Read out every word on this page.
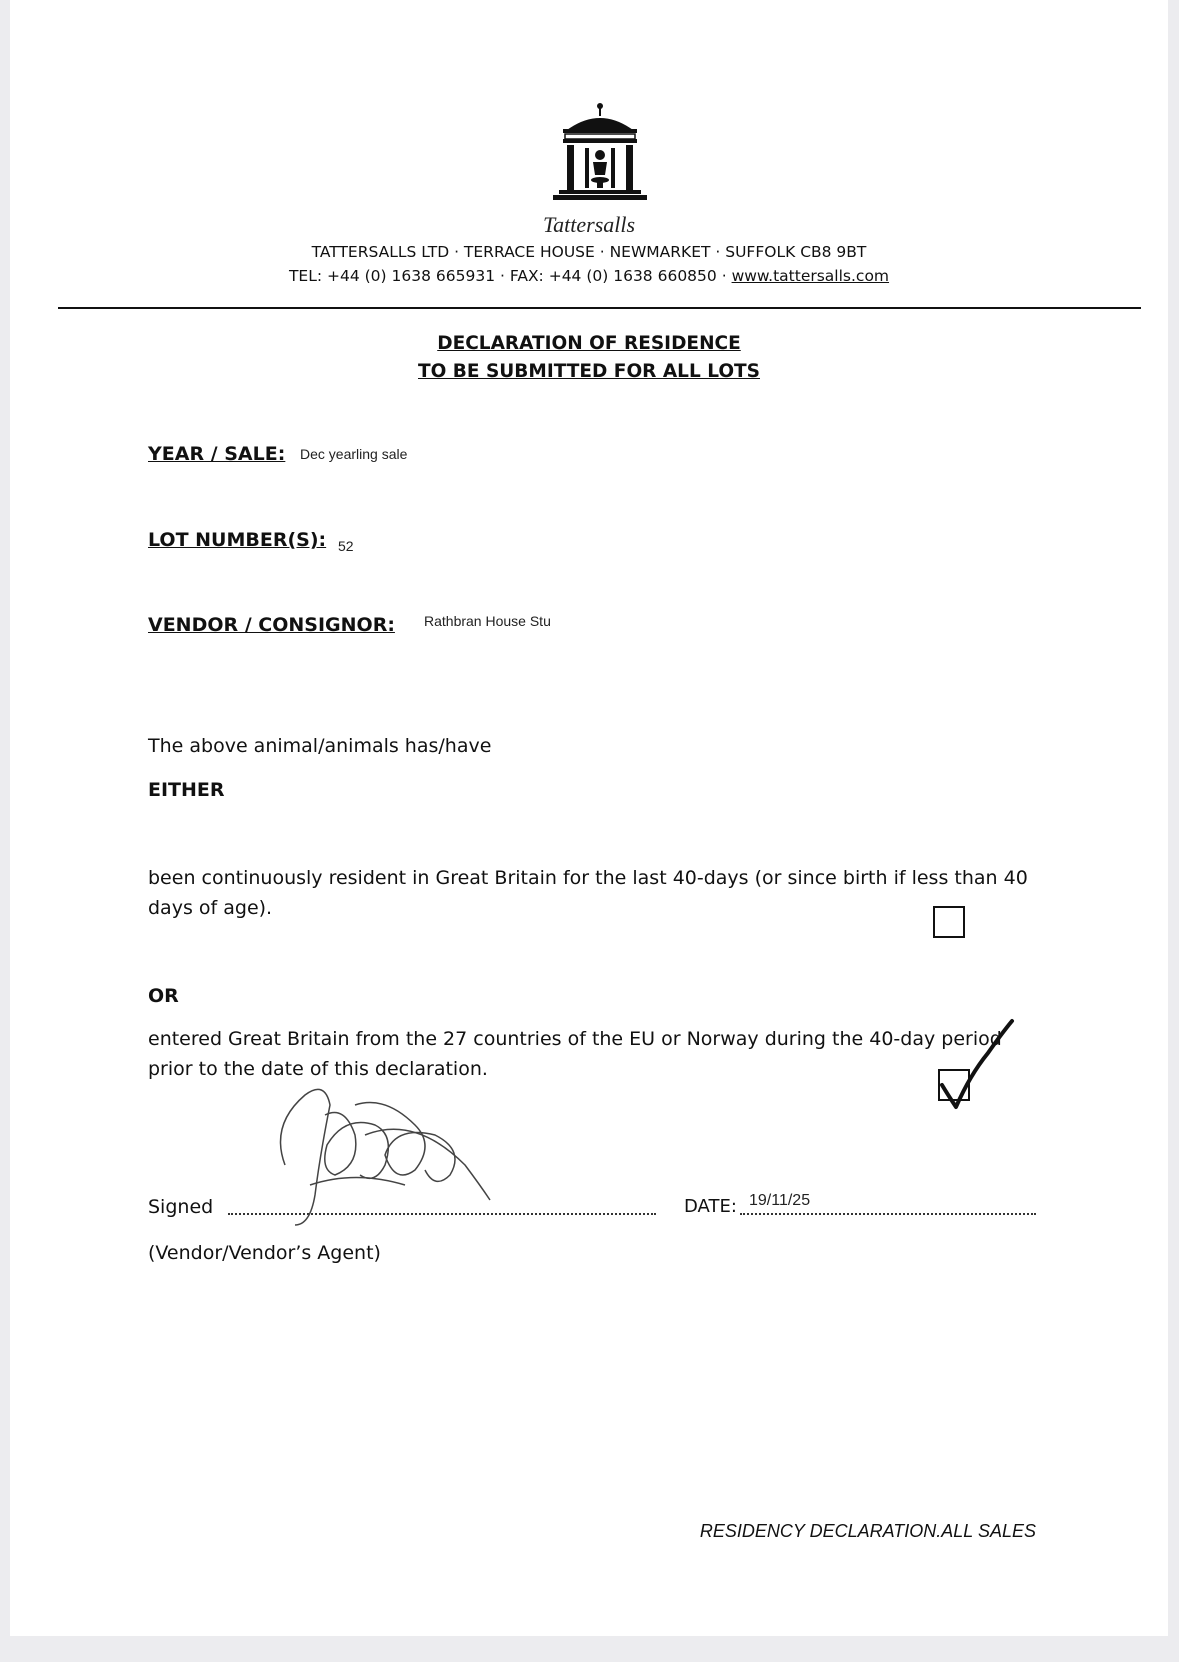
Tattersalls
TATTERSALLS LTD · TERRACE HOUSE · NEWMARKET · SUFFOLK CB8 9BT
TEL: +44 (0) 1638 665931 · FAX: +44 (0) 1638 660850 · www.tattersalls.com
DECLARATION OF RESIDENCE
TO BE SUBMITTED FOR ALL LOTS
YEAR / SALE: Dec yearling sale
LOT NUMBER(S): 52
VENDOR / CONSIGNOR: Rathbran House Stu
The above animal/animals has/have
EITHER
been continuously resident in Great Britain for the last 40-days (or since birth if less than 40
days of age).
OR
entered Great Britain from the 27 countries of the EU or Norway during the 40-day period
prior to the date of this declaration.
Signed	DATE: 19/11/25
(Vendor/Vendor’s Agent)
RESIDENCY DECLARATION.ALL SALES
